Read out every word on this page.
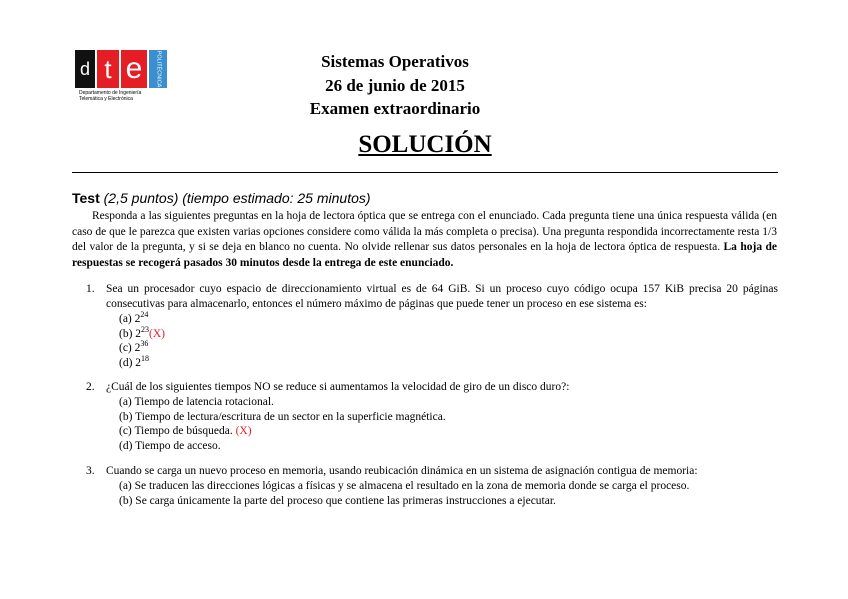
d t e	POLITÉCNICA
Departamento de Ingeniería
Telemática y Electrónica
Sistemas Operativos
26 de junio de 2015
Examen extraordinario
SOLUCIÓN
Test (2,5 puntos) (tiempo estimado: 25 minutos)
Responda a las siguientes preguntas en la hoja de lectora óptica que se entrega con el enunciado. Cada pregunta tiene una única respuesta válida (en caso de que le parezca que existen varias opciones considere como válida la más completa o precisa). Una pregunta respondida incorrectamente resta 1/3 del valor de la pregunta, y si se deja en blanco no cuenta. No olvide rellenar sus datos personales en la hoja de lectora óptica de respuesta. La hoja de respuestas se recogerá pasados 30 minutos desde la entrega de este enunciado.
1. Sea un procesador cuyo espacio de direccionamiento virtual es de 64 GiB. Si un proceso cuyo código ocupa 157 KiB precisa 20 páginas consecutivas para almacenarlo, entonces el número máximo de páginas que puede tener un proceso en ese sistema es:
(a) $2^{24}$
(b) $2^{23}(X)$
(c) $2^{36}$
(d) $2^{18}$
2. ¿Cuál de los siguientes tiempos NO se reduce si aumentamos la velocidad de giro de un disco duro?:
(a) Tiempo de latencia rotacional.
(b) Tiempo de lectura/escritura de un sector en la superficie magnética.
(c) Tiempo de búsqueda. (X)
(d) Tiempo de acceso.
3. Cuando se carga un nuevo proceso en memoria, usando reubicación dinámica en un sistema de asignación contigua de memoria:
(a) Se traducen las direcciones lógicas a físicas y se almacena el resultado en la zona de memoria donde se carga el proceso.
(b) Se carga únicamente la parte del proceso que contiene las primeras instrucciones a ejecutar.
